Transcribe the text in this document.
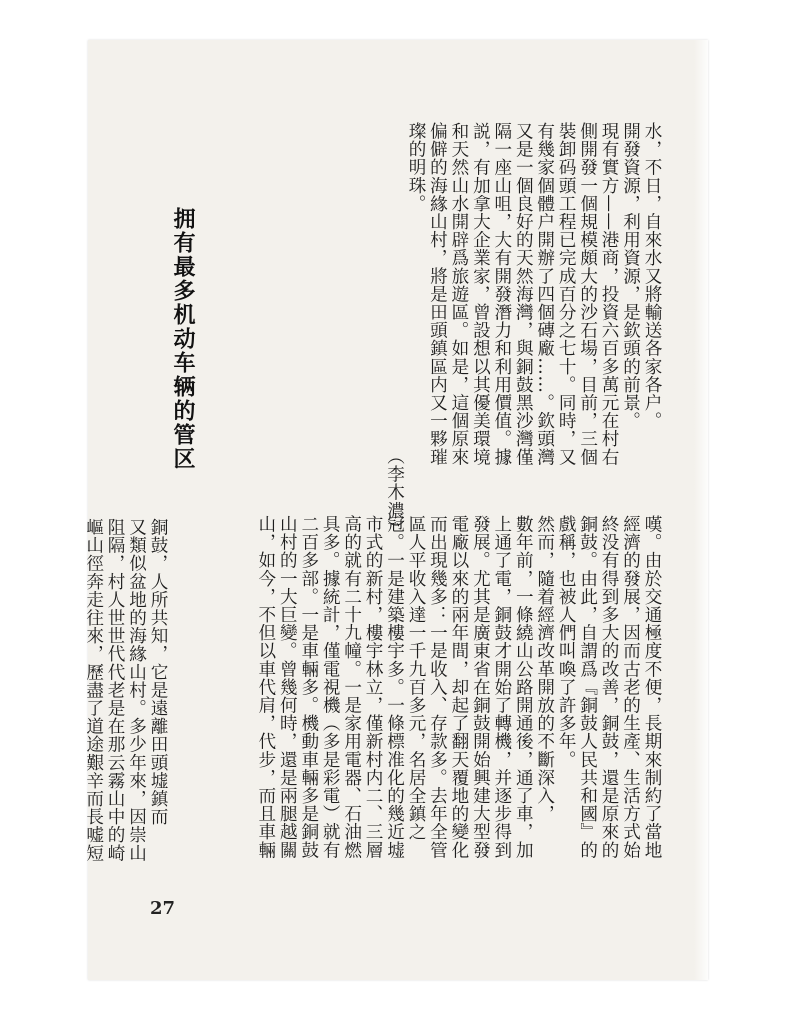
水，不日，自來水又將輸送各家各户。
開發資源，利用資源，是欽頭的前景。
現有實方——港商，投資六百多萬元在村右
側開發一個規模頗大的沙石場，目前，三個
裝卸码頭工程已完成百分之七十。同時，又
有幾家個體户開辦了四個磚廠……。欽頭灣
又是一個良好的天然海灣，與銅鼓黑沙灣僅
隔一座山咀，大有開發潛力和利用價值。據
説，有加拿大企業家，曾設想以其優美環境
和天然山水開辟爲旅遊區。如是，這個原來
偏僻的海緣山村，將是田頭鎮區内又一夥璀
璨的明珠。
（李木濃）
拥有最多机动车辆的管区
銅鼓，人所共知，它是遠離田頭墟鎮而
又類似盆地的海緣山村。多少年來，因崇山
阻隔，村人世世代代老是在那云霧山中的崎
嶇山徑奔走往來，歷盡了道途艱辛而長嘘短	嘆。由於交通極度不便，長期來制約了當地
經濟的發展，因而古老的生產、生活方式始
終没有得到多大的改善，銅鼓，還是原來的
銅鼓。由此，自謂爲『銅鼓人民共和國』的
戲稱，也被人們叫喚了許多年。
然而，隨着經濟改革開放的不斷深入，
數年前，一條繞山公路開通後，通了車，加
上通了電，銅鼓才開始了轉機，并逐步得到
發展。尤其是廣東省在銅鼓開始興建大型發
電廠以來的兩年間，却起了翻天覆地的變化
而出現幾多：一是收入、存款多。去年全管
區人平收入達一千九百多元，名居全鎮之
冠。一是建築樓宇多。一條標准化的幾近墟
市式的新村，樓宇林立，僅新村内二、三層
高的就有二十九幢。一是家用電器、石油燃
具多。據統計，僅電視機（多是彩電）就有
二百多部。一是車輛多。機動車輛多是銅鼓
山村的一大巨變。曾幾何時，還是兩腿越關
山，如今，不但以車代肩，代步，而且車輛
27
